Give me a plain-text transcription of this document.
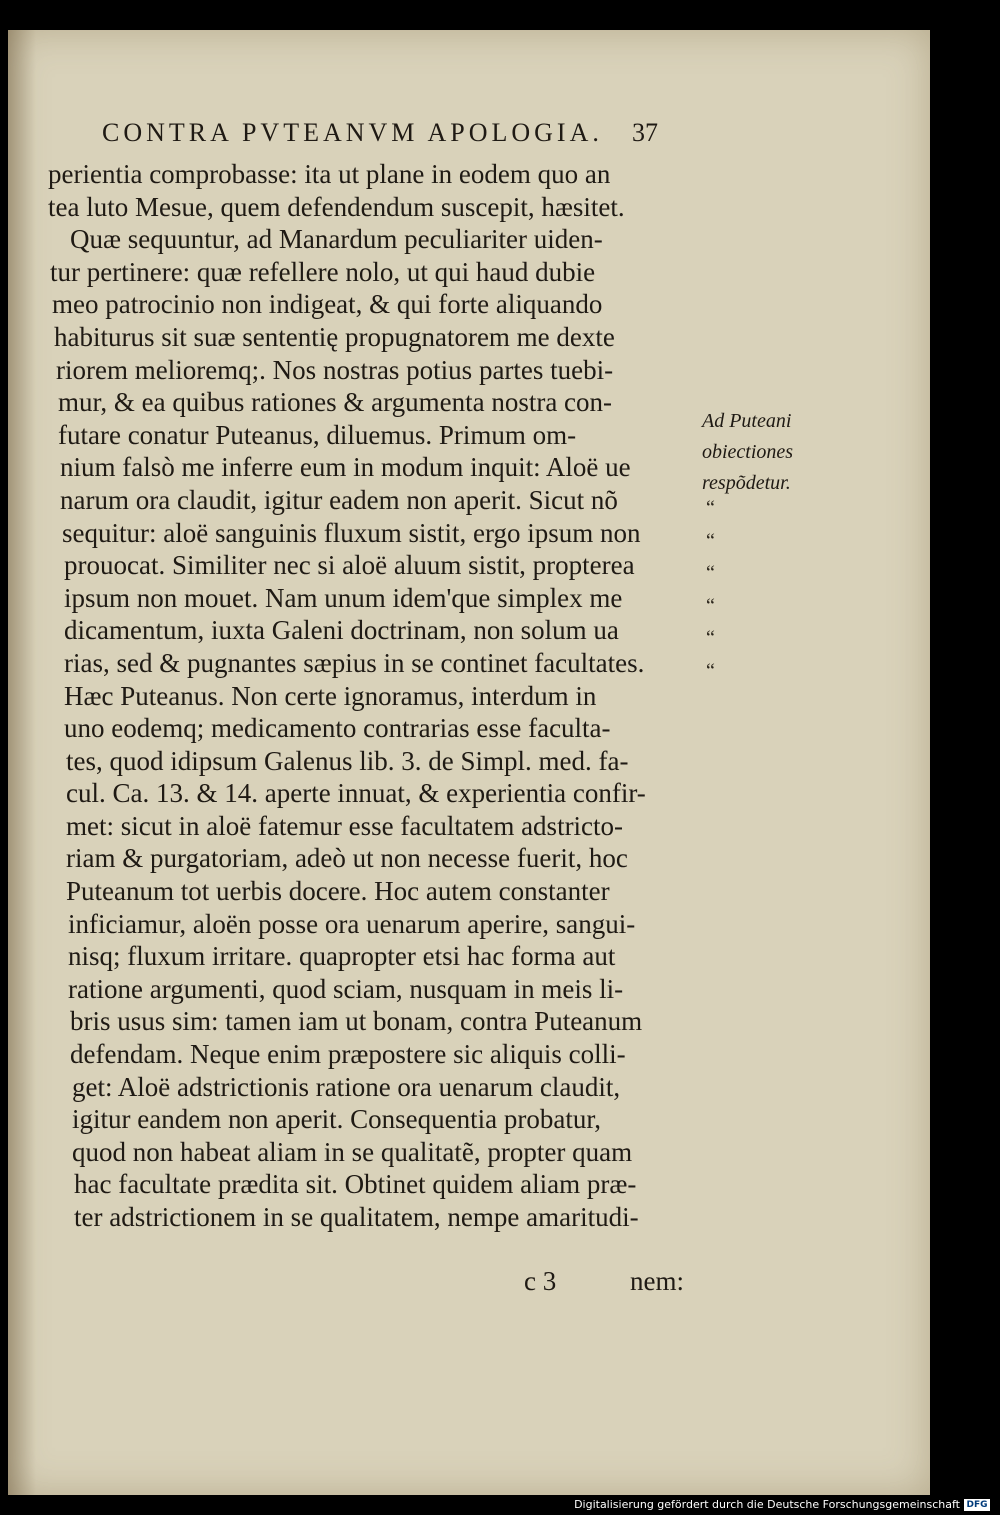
CONTRA PVTEANVM APOLOGIA. 37
perientia comprobasse: ita ut plane in eodem quo an
tea luto Mesue, quem defendendum suscepit, hæsitet.
Quæ sequuntur, ad Manardum peculiariter uiden-
tur pertinere: quæ refellere nolo, ut qui haud dubie
meo patrocinio non indigeat, & qui forte aliquando
habiturus sit suæ sententię propugnatorem me dexte
riorem melioremq;. Nos nostras potius partes tuebi-
mur, & ea quibus rationes & argumenta nostra con-
futare conatur Puteanus, diluemus. Primum om-
nium falsò me inferre eum in modum inquit: Aloë ue
narum ora claudit, igitur eadem non aperit. Sicut nõ
sequitur: aloë sanguinis fluxum sistit, ergo ipsum non
prouocat. Similiter nec si aloë aluum sistit, propterea
ipsum non mouet. Nam unum idem'que simplex me
dicamentum, iuxta Galeni doctrinam, non solum ua
rias, sed & pugnantes sæpius in se continet facultates.
Hæc Puteanus. Non certe ignoramus, interdum in
uno eodemq; medicamento contrarias esse faculta-
tes, quod idipsum Galenus lib. 3. de Simpl. med. fa-
cul. Ca. 13. & 14. aperte innuat, & experientia confir-
met: sicut in aloë fatemur esse facultatem adstricto-
riam & purgatoriam, adeò ut non necesse fuerit, hoc
Puteanum tot uerbis docere. Hoc autem constanter
inficiamur, aloën posse ora uenarum aperire, sangui-
nisq; fluxum irritare. quapropter etsi hac forma aut
ratione argumenti, quod sciam, nusquam in meis li-
bris usus sim: tamen iam ut bonam, contra Puteanum
defendam. Neque enim præpostere sic aliquis colli-
get: Aloë adstrictionis ratione ora uenarum claudit,
igitur eandem non aperit. Consequentia probatur,
quod non habeat aliam in se qualitatẽ, propter quam
hac facultate prædita sit. Obtinet quidem aliam præ-
ter adstrictionem in se qualitatem, nempe amaritudi-
Ad Puteani
obiectiones
respõdetur.
“
“
“
“
“
“
c 3	nem:
Digitalisierung gefördert durch die Deutsche Forschungsgemeinschaft DFG
